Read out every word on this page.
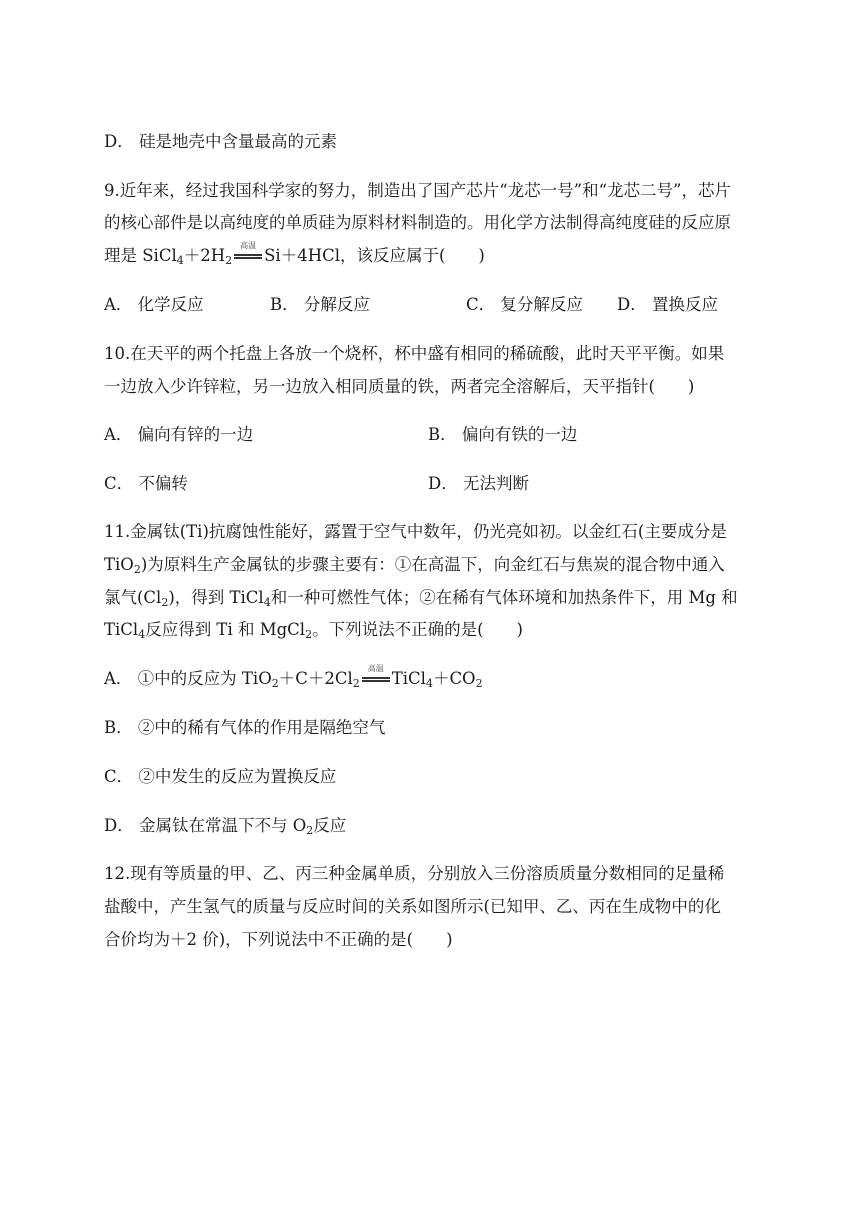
D． 硅是地壳中含量最高的元素
9.近年来，经过我国科学家的努力，制造出了国产芯片“龙芯一号”和“龙芯二号”，芯片
的核心部件是以高纯度的单质硅为原料材料制造的。用化学方法制得高纯度硅的反应原
理是 $SiCl_4+2H_2$
高温
Si＋4HCl，该反应属于(　　)
A． 化学反应	B． 分解反应	C． 复分解反应 D． 置换反应
10.在天平的两个托盘上各放一个烧杯，杯中盛有相同的稀硫酸，此时天平平衡。如果
一边放入少许锌粒，另一边放入相同质量的铁，两者完全溶解后，天平指针(　　)
A． 偏向有锌的一边	B． 偏向有铁的一边
C． 不偏转	D． 无法判断
11.金属钛(Ti)抗腐蚀性能好，露置于空气中数年，仍光亮如初。以金红石(主要成分是
TiO$_2$)为原料生产金属钛的步骤主要有：①在高温下，向金红石与焦炭的混合物中通入
氯气$(Cl_2)$，得到 TiCl$_4$和一种可燃性气体；②在稀有气体环境和加热条件下，用 Mg 和
TiCl$_4$反应得到 Ti 和 MgCl$_2$。下列说法不正确的是(　　)
A． ①中的反应为 $TiO_2+C+2Cl_2$
高温
$TiCl_4+CO_2$
B． ②中的稀有气体的作用是隔绝空气
C． ②中发生的反应为置换反应
D． 金属钛在常温下不与 $O_2$反应
12.现有等质量的甲、乙、丙三种金属单质，分别放入三份溶质质量分数相同的足量稀
盐酸中，产生氢气的质量与反应时间的关系如图所示(已知甲、乙、丙在生成物中的化
合价均为＋2 价)，下列说法中不正确的是(　　)
